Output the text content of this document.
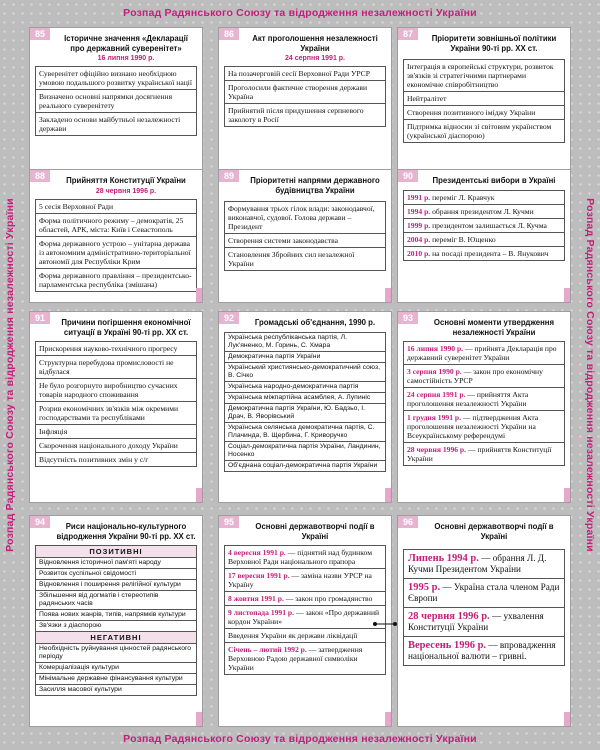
Розпад Радянського Союзу та відродження незалежності України
Розпад Радянського Союзу та відродження незалежності України
Розпад Радянського Союзу та відродження незалежності України	Розпад Радянського Союзу та відродження незалежності України
85	Історичне значення «Декларації про державний суверенітет»
16 липня 1990 р.
Суверенітет офіційно визнано необхідною умовою подальшого розвитку української нації
Визначено основні напрямки досягнення реального суверенітету
Закладено основи майбутньої незалежності держави
86	Акт проголошення незалежності України
24 серпня 1991 р.
На позачерговій сесії Верховної Ради УРСР
Проголосили фактичне створення держави Україна
Прийнятий після придушення серпневого заколоту в Росії
87	Пріоритети зовнішньої політики України 90-ті рр. XX ст.
Інтеграція в європейські структури, розвиток зв'язків зі стратегічними партнерами економічне співробітництво
Нейтралітет
Створення позитивного іміджу України
Підтримка відносин зі світовим українством (української діаспорою)
88	Прийняття Конституції України
28 червня 1996 р.
5 сесія Верховної Ради
Форма політичного режиму – демократія, 25 областей, АРК, міста: Київ і Севастополь
Форма державного устрою – унітарна держава із автономним адміністративно-територіальної автономії для Республіки Крим
Форма державного правління – президентсько-парламентська республіка (змішана)
89	Пріоритетні напрями державного будівництва України
Формування трьох гілок влади: законодавчої, виконавчої, судової. Голова держави – Президент
Створення системи законодавства
Становлення Збройних сил незалежної України
90	Президентські вибори в Україні
1991 р. переміг Л. Кравчук
1994 р. обрання президентом Л. Кучми
1999 р. президентом залишається Л. Кучма
2004 р. переміг В. Ющенко
2010 р. на посаді президента – В. Янукович
91	Причини погіршення економічної ситуації в Україні 90-ті рр. XX ст.
Прискорення науково-технічного прогресу
Структурна перебудова промисловості не відбулася
Не було розгорнуто виробництво сучасних товарів народного споживання
Розрив економічних зв'язків між окремими господарствами та республіками
Інфляція
Скорочення національного доходу України
Відсутність позитивних змін у с/г
92	Громадські об'єднання, 1990 р.
Українська республіканська партія, Л. Лук'яненко, М. Горинь, С. Хмара
Демократична партія України
Український християнсько-демократичний союз, В. Січко
Українська народно-демократична партія
Українська міжпартійна асамблея, А. Лупиніс
Демократична партія України, Ю. Бадзьо, І. Драч, В. Яворівський
Українська селянська демократична партія, С. Плачинда, В. Щербина, Г. Криворучко
Соціал-демократична партія України, Ландинин, Носенко
Об'єднана соціал-демократична партія України
93	Основні моменти утвердження незалежності України
16 липня 1990 р. — прийнята Декларація про державний суверенітет України
3 серпня 1990 р. — закон про економічну самостійність УРСР
24 серпня 1991 р. — прийняття Акта проголошення незалежності України
1 грудня 1991 р. — підтвердження Акта проголошення незалежності України на Всеукраїнському референдумі
28 червня 1996 р. — прийняття Конституції України
94	Риси національно-культурного відродження України 90-ті рр. XX ст.
ПОЗИТИВНІ
Відновлення історичної пам'яті народу
Розвиток суспільної свідомості
Відновлення і поширення релігійної культури
Збільшення від догматів і стереотипів радянських часів
Поява нових жанрів, типів, напрямків культури
Зв'язки з діаспорою
НЕГАТИВНІ
Необхідність руйнування цінностей радянського періоду
Комерціалізація культури
Мінімальне державне фінансування культури
Засилля масової культури
95	Основні державотворчі події в Україні
4 вересня 1991 р. — піднятий над будинком Верховної Ради національного прапора
17 вересня 1991 р. — заміна назви УРСР на Україну
8 жовтня 1991 р. — закон про громадянство
9 листопада 1991 р. — закон «Про державний кордон України»
Введення України як держави ліквідації
Січень – лютий 1992 р. — затвердження Верховною Радою державної символіки України
96	Основні державотворчі події в Україні
Липень 1994 р. — обрання Л. Д. Кучми Президентом України
1995 р. — Україна стала членом Ради Європи
28 червня 1996 р. — ухвалення Конституції України
Вересень 1996 р. — впровадження національної валюти – гривні.
